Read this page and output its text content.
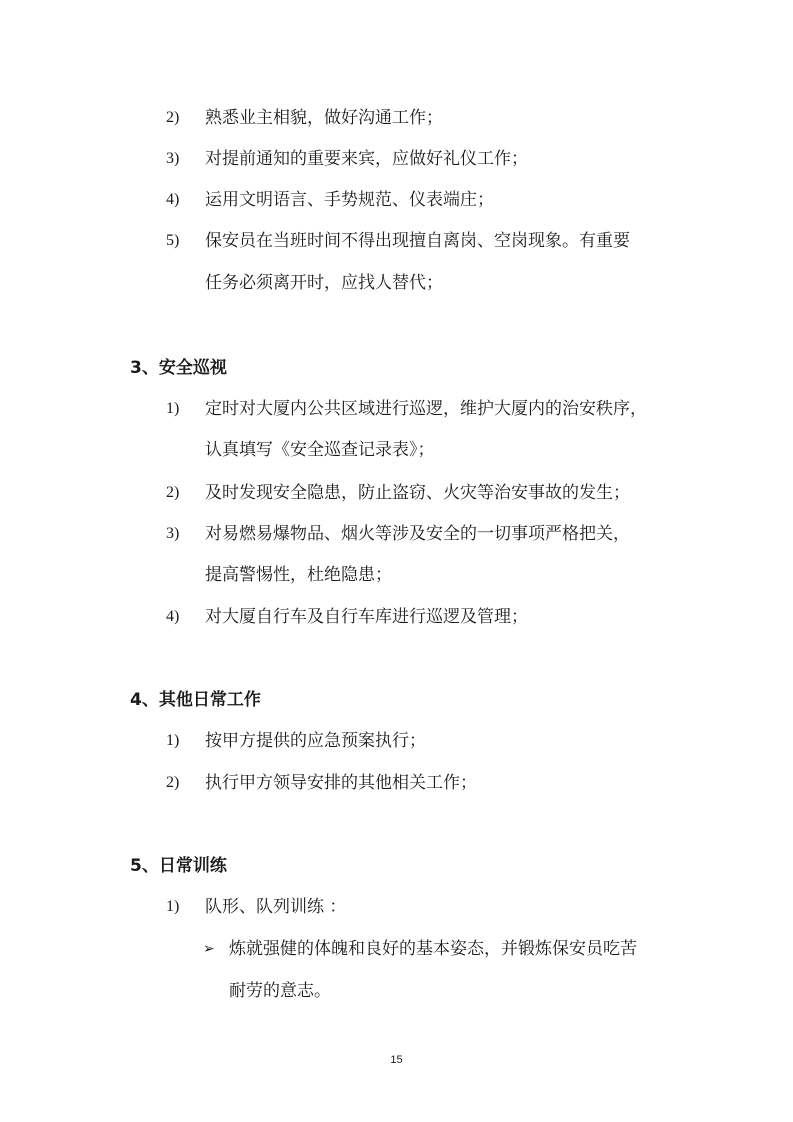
2) 熟悉业主相貌，做好沟通工作；
3) 对提前通知的重要来宾，应做好礼仪工作；
4) 运用文明语言、手势规范、仪表端庄；
5) 保安员在当班时间不得出现擅自离岗、空岗现象。有重要
任务必须离开时，应找人替代；
3、安全巡视
1) 定时对大厦内公共区域进行巡逻，维护大厦内的治安秩序，
认真填写《安全巡查记录表》；
2) 及时发现安全隐患，防止盗窃、火灾等治安事故的发生；
3) 对易燃易爆物品、烟火等涉及安全的一切事项严格把关，
提高警惕性，杜绝隐患；
4) 对大厦自行车及自行车库进行巡逻及管理；
4、其他日常工作
1) 按甲方提供的应急预案执行；
2) 执行甲方领导安排的其他相关工作；
5、日常训练
1) 队形、队列训练 ：
➢ 炼就强健的体魄和良好的基本姿态，并锻炼保安员吃苦
耐劳的意志。
15
